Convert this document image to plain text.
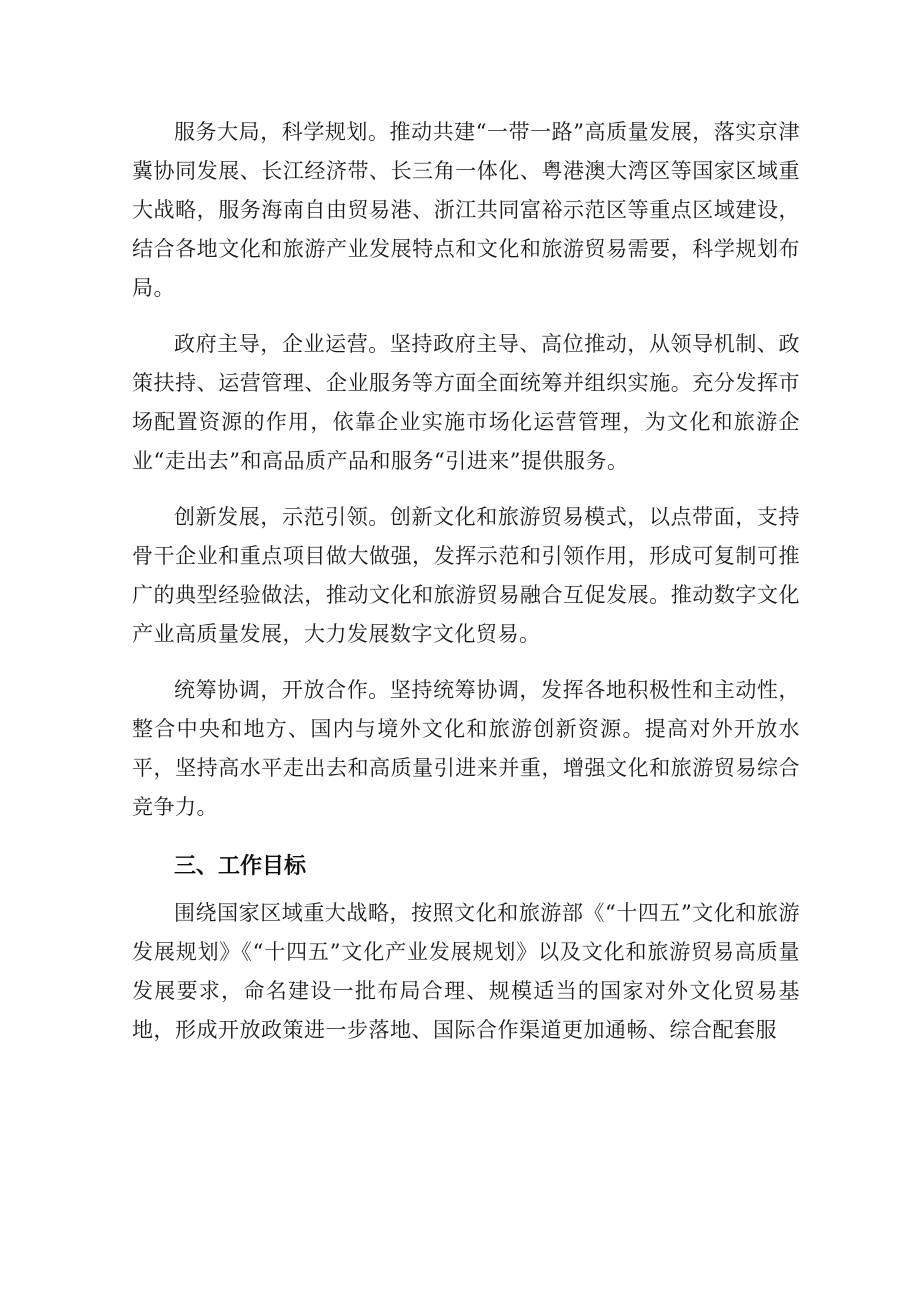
服务大局，科学规划。推动共建“一带一路”高质量发展，落实京津冀协同发展、长江经济带、长三角一体化、粤港澳大湾区等国家区域重大战略，服务海南自由贸易港、浙江共同富裕示范区等重点区域建设，结合各地文化和旅游产业发展特点和文化和旅游贸易需要，科学规划布局。

政府主导，企业运营。坚持政府主导、高位推动，从领导机制、政策扶持、运营管理、企业服务等方面全面统筹并组织实施。充分发挥市场配置资源的作用，依靠企业实施市场化运营管理，为文化和旅游企业“走出去”和高品质产品和服务“引进来”提供服务。

创新发展，示范引领。创新文化和旅游贸易模式，以点带面，支持骨干企业和重点项目做大做强，发挥示范和引领作用，形成可复制可推广的典型经验做法，推动文化和旅游贸易融合互促发展。推动数字文化产业高质量发展，大力发展数字文化贸易。

统筹协调，开放合作。坚持统筹协调，发挥各地积极性和主动性，整合中央和地方、国内与境外文化和旅游创新资源。提高对外开放水平，坚持高水平走出去和高质量引进来并重，增强文化和旅游贸易综合竞争力。

三、工作目标

围绕国家区域重大战略，按照文化和旅游部《“十四五”文化和旅游发展规划》《“十四五”文化产业发展规划》以及文化和旅游贸易高质量发展要求，命名建设一批布局合理、规模适当的国家对外文化贸易基地，形成开放政策进一步落地、国际合作渠道更加通畅、综合配套服
